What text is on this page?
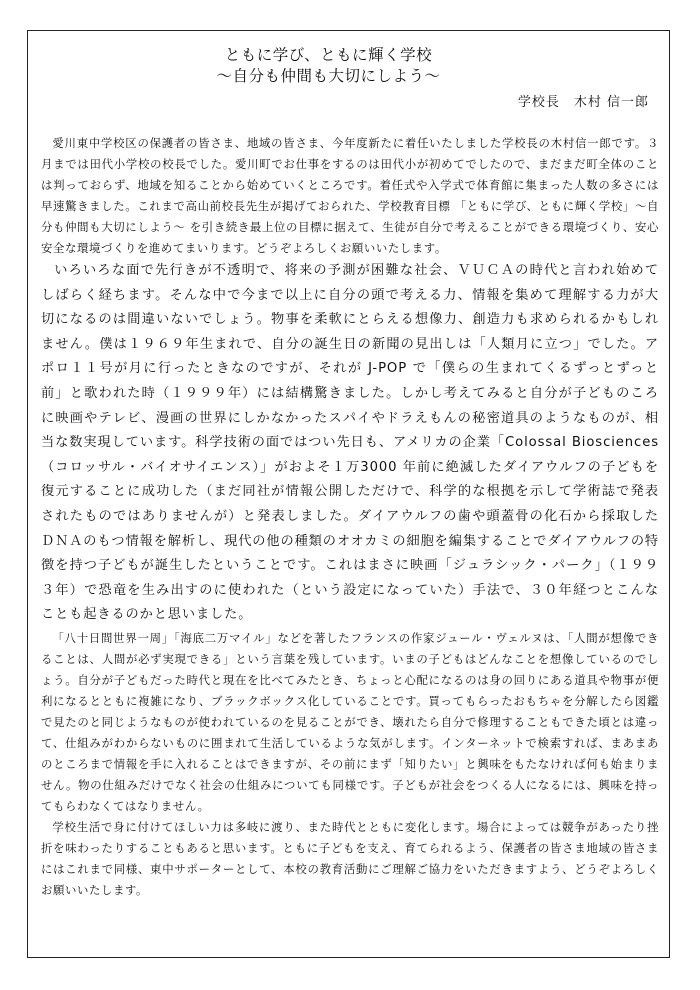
ともに学び、ともに輝く学校
～自分も仲間も大切にしよう～
学校長　木村 信一郎

愛川東中学校区の保護者の皆さま、地域の皆さま、今年度新たに着任いたしました学校長の木村信一郎です。３月までは田代小学校の校長でした。愛川町でお仕事をするのは田代小が初めてでしたので、まだまだ町全体のことは判っておらず、地域を知ることから始めていくところです。着任式や入学式で体育館に集まった人数の多さには早速驚きました。これまで高山前校長先生が掲げておられた、学校教育目標 「ともに学び、ともに輝く学校」～自分も仲間も大切にしよう～ を引き続き最上位の目標に据えて、生徒が自分で考えることができる環境づくり、安心安全な環境づくりを進めてまいります。どうぞよろしくお願いいたします。

いろいろな面で先行きが不透明で、将来の予測が困難な社会、ＶＵＣＡの時代と言われ始めてしばらく経ちます。そんな中で今まで以上に自分の頭で考える力、情報を集めて理解する力が大切になるのは間違いないでしょう。物事を柔軟にとらえる想像力、創造力も求められるかもしれません。僕は１９６９年生まれで、自分の誕生日の新聞の見出しは「人類月に立つ」でした。アポロ１１号が月に行ったときなのですが、それが J-POP で「僕らの生まれてくるずっとずっと前」と歌われた時（１９９９年）には結構驚きました。しかし考えてみると自分が子どものころに映画やテレビ、漫画の世界にしかなかったスパイやドラえもんの秘密道具のようなものが、相当な数実現しています。科学技術の面ではつい先日も、アメリカの企業「Colossal Biosciences（コロッサル・バイオサイエンス）」がおよそ１万3000 年前に絶滅したダイアウルフの子どもを復元することに成功した（まだ同社が情報公開しただけで、科学的な根拠を示して学術誌で発表されたものではありませんが）と発表しました。ダイアウルフの歯や頭蓋骨の化石から採取したＤＮＡのもつ情報を解析し、現代の他の種類のオオカミの細胞を編集することでダイアウルフの特徴を持つ子どもが誕生したということです。これはまさに映画「ジュラシック・パーク」（１９９３年）で恐竜を生み出すのに使われた（という設定になっていた）手法で、３０年経つとこんなことも起きるのかと思いました。

「八十日間世界一周」「海底二万マイル」などを著したフランスの作家ジュール・ヴェルヌは、「人間が想像できることは、人間が必ず実現できる」という言葉を残しています。いまの子どもはどんなことを想像しているのでしょう。自分が子どもだった時代と現在を比べてみたとき、ちょっと心配になるのは身の回りにある道具や物事が便利になるとともに複雑になり、ブラックボックス化していることです。買ってもらったおもちゃを分解したら図鑑で見たのと同じようなものが使われているのを見ることができ、壊れたら自分で修理することもできた頃とは違って、仕組みがわからないものに囲まれて生活しているような気がします。インターネットで検索すれば、まあまあのところまで情報を手に入れることはできますが、その前にまず「知りたい」と興味をもたなければ何も始まりません。物の仕組みだけでなく社会の仕組みについても同様です。子どもが社会をつくる人になるには、興味を持ってもらわなくてはなりません。

学校生活で身に付けてほしい力は多岐に渡り、また時代とともに変化します。場合によっては競争があったり挫折を味わったりすることもあると思います。ともに子どもを支え、育てられるよう、保護者の皆さま地域の皆さまにはこれまで同様、東中サポーターとして、本校の教育活動にご理解ご協力をいただきますよう、どうぞよろしくお願いいたします。
